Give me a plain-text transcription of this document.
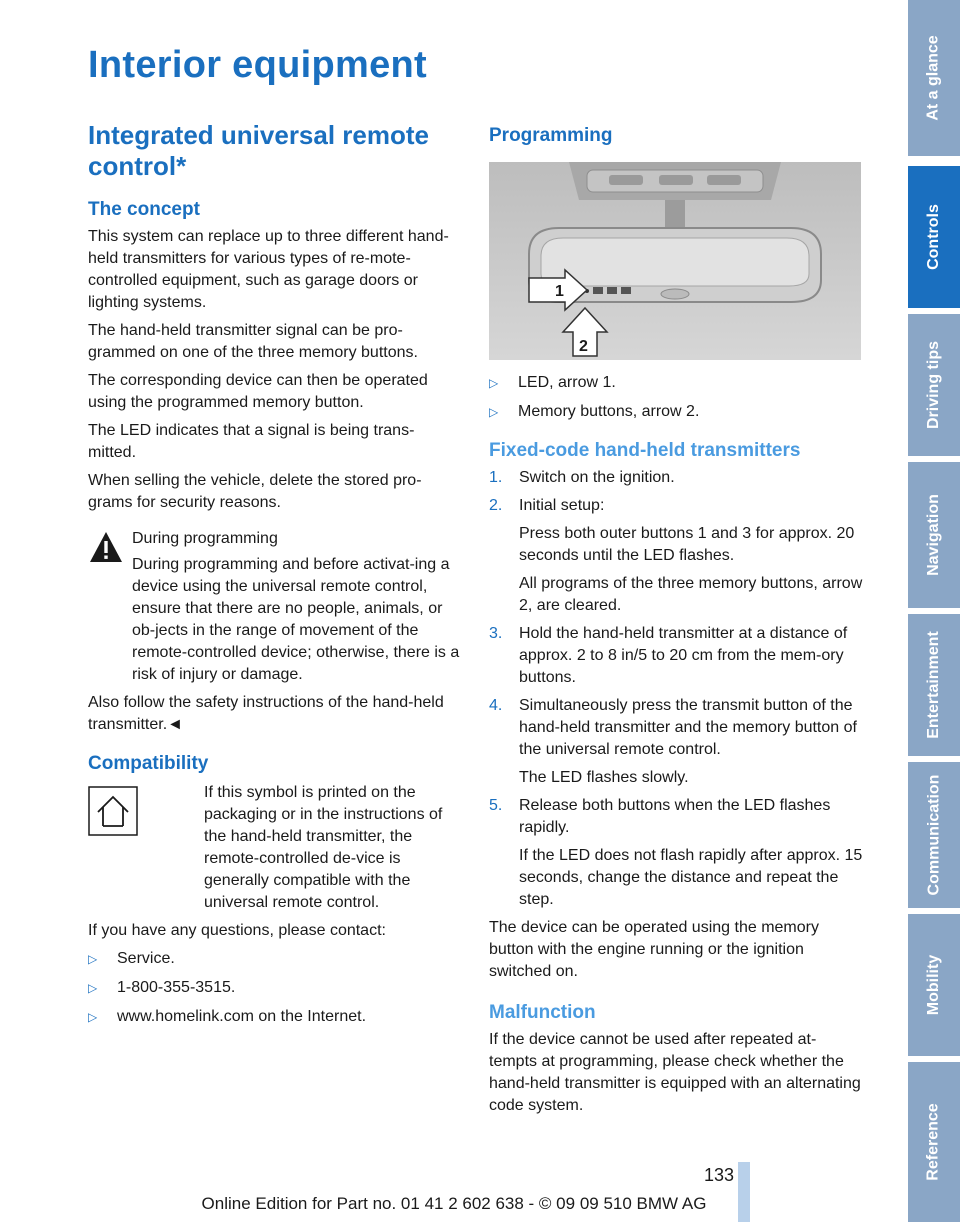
Interior equipment
Integrated universal remote control*
The concept

This system can replace up to three different hand-held transmitters for various types of re-mote-controlled equipment, such as garage doors or lighting systems.

The hand-held transmitter signal can be pro-grammed on one of the three memory buttons.

The corresponding device can then be operated using the programmed memory button.

The LED indicates that a signal is being trans-mitted.

When selling the vehicle, delete the stored pro-grams for security reasons.

During programming

During programming and before activat-ing a device using the universal remote control, ensure that there are no people, animals, or ob-jects in the range of movement of the remote-controlled device; otherwise, there is a risk of injury or damage.

Also follow the safety instructions of the hand-held transmitter.◄

Compatibility

If this symbol is printed on the packaging or in the instructions of the hand-held transmitter, the remote-controlled de-vice is generally compatible with the universal remote control.

If you have any questions, please contact:

▷ Service.
▷ 1-800-355-3515.
▷ www.homelink.com on the Internet.
Programming
1
2
▷ LED, arrow 1.
▷ Memory buttons, arrow 2.
Fixed-code hand-held transmitters
1. Switch on the ignition.
2. Initial setup:
Press both outer buttons 1 and 3 for approx. 20 seconds until the LED flashes.
All programs of the three memory buttons, arrow 2, are cleared.
3. Hold the hand-held transmitter at a distance of approx. 2 to 8 in/5 to 20 cm from the mem-ory buttons.
4. Simultaneously press the transmit button of the hand-held transmitter and the memory button of the universal remote control.
The LED flashes slowly.
5. Release both buttons when the LED flashes rapidly.
If the LED does not flash rapidly after approx. 15 seconds, change the distance and repeat the step.

The device can be operated using the memory button with the engine running or the ignition switched on.

Malfunction

If the device cannot be used after repeated at-tempts at programming, please check whether the hand-held transmitter is equipped with an alternating code system.

At a glance
Controls
Driving tips
Navigation
Entertainment
Communication
Mobility
Reference
133
Online Edition for Part no. 01 41 2 602 638 - © 09 09 510 BMW AG
